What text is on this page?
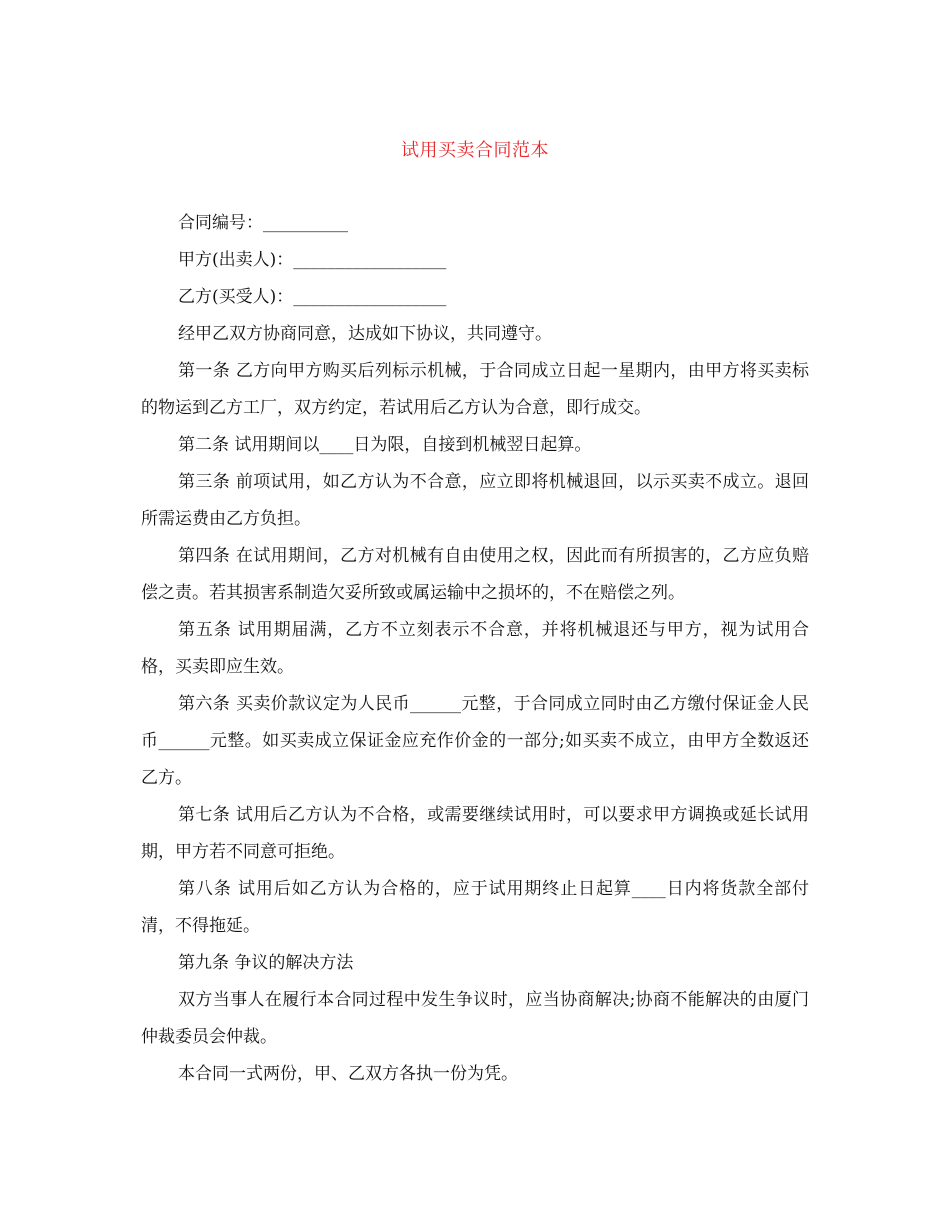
试用买卖合同范本

合同编号：__________

甲方(出卖人)：__________________

乙方(买受人)：__________________

经甲乙双方协商同意，达成如下协议，共同遵守。

第一条 乙方向甲方购买后列标示机械，于合同成立日起一星期内，由甲方将买卖标的物运到乙方工厂，双方约定，若试用后乙方认为合意，即行成交。

第二条 试用期间以____日为限，自接到机械翌日起算。

第三条 前项试用，如乙方认为不合意，应立即将机械退回，以示买卖不成立。退回所需运费由乙方负担。

第四条 在试用期间，乙方对机械有自由使用之权，因此而有所损害的，乙方应负赔偿之责。若其损害系制造欠妥所致或属运输中之损坏的，不在赔偿之列。

第五条 试用期届满，乙方不立刻表示不合意，并将机械退还与甲方，视为试用合格，买卖即应生效。

第六条 买卖价款议定为人民币______元整，于合同成立同时由乙方缴付保证金人民币______元整。如买卖成立保证金应充作价金的一部分;如买卖不成立，由甲方全数返还乙方。

第七条 试用后乙方认为不合格，或需要继续试用时，可以要求甲方调换或延长试用期，甲方若不同意可拒绝。

第八条 试用后如乙方认为合格的，应于试用期终止日起算____日内将货款全部付清，不得拖延。

第九条 争议的解决方法

双方当事人在履行本合同过程中发生争议时，应当协商解决;协商不能解决的由厦门仲裁委员会仲裁。

本合同一式两份，甲、乙双方各执一份为凭。
